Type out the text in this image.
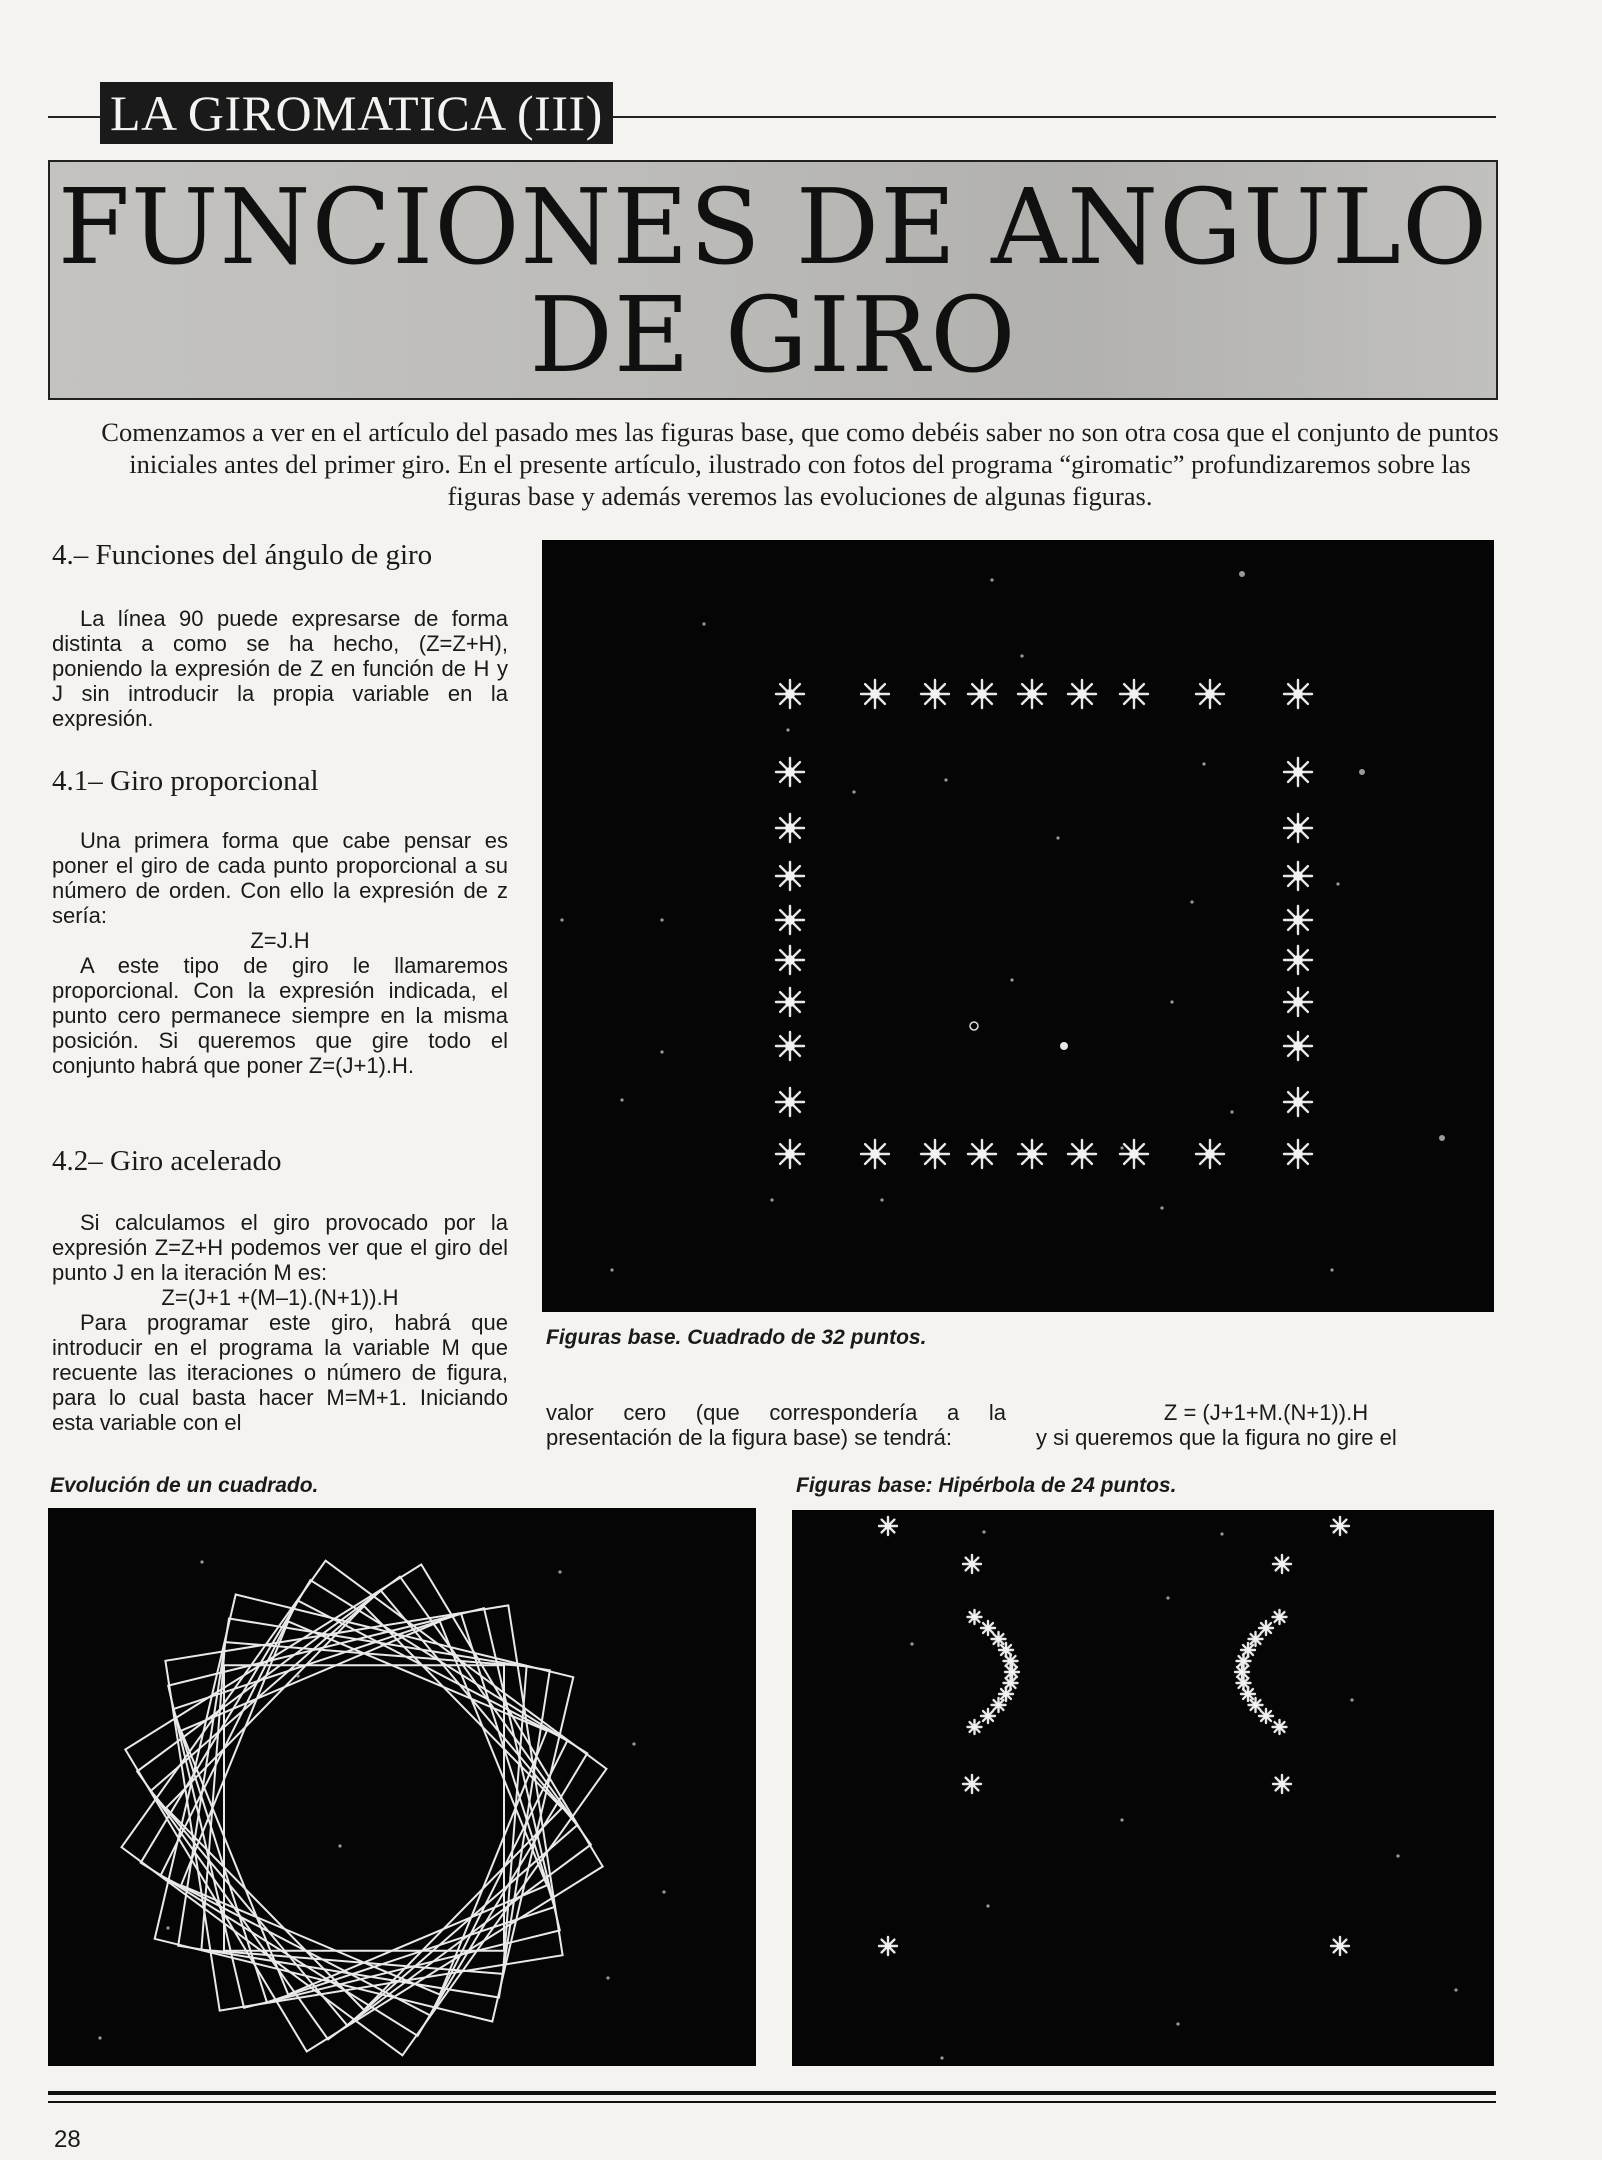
LA GIROMATICA (III)
FUNCIONES DE ANGULO
DE GIRO
Comenzamos a ver en el artículo del pasado mes las figuras base, que como debéis saber no son otra cosa que el conjunto de puntos iniciales antes del primer giro. En el presente artículo, ilustrado con fotos del programa “giromatic” profundizaremos sobre las figuras base y además veremos las evoluciones de algunas figuras.
4.– Funciones del ángulo de giro

La línea 90 puede expresarse de forma distinta a como se ha hecho, (Z=Z+H), poniendo la expresión de Z en función de H y J sin introducir la propia variable en la expresión.

4.1– Giro proporcional

Una primera forma que cabe pensar es poner el giro de cada punto proporcional a su número de orden. Con ello la expresión de z sería:

Z=J.H

A este tipo de giro le llamaremos proporcional. Con la expresión indicada, el punto cero permanece siempre en la misma posición. Si queremos que gire todo el conjunto habrá que poner Z=(J+1).H.

4.2– Giro acelerado

Si calculamos el giro provocado por la expresión Z=Z+H podemos ver que el giro del punto J en la iteración M es:

Z=(J+1 +(M–1).(N+1)).H

Para programar este giro, habrá que introducir en el programa la variable M que recuente las iteraciones o número de figura, para lo cual basta hacer M=M+1. Iniciando esta variable con el

Figuras base. Cuadrado de 32 puntos.

valor cero (que correspondería a la presentación de la figura base) se tendrá:

Z = (J+1+M.(N+1)).H

y si queremos que la figura no gire el

Evolución de un cuadrado.	Figuras base: Hipérbola de 24 puntos.
28
